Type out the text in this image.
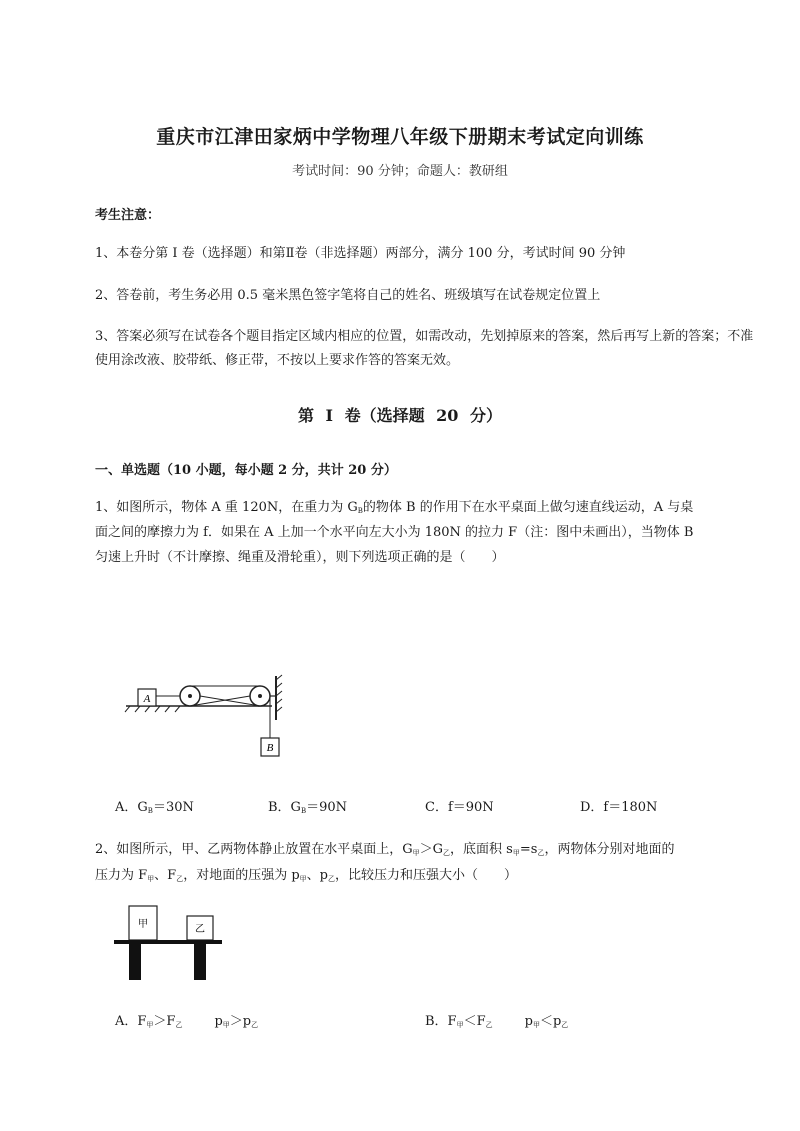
重庆市江津田家炳中学物理八年级下册期末考试定向训练
考试时间：90 分钟；命题人：教研组
考生注意：
1、本卷分第 I 卷（选择题）和第Ⅱ卷（非选择题）两部分，满分 100 分，考试时间 90 分钟
2、答卷前，考生务必用 0.5 毫米黑色签字笔将自己的姓名、班级填写在试卷规定位置上
3、答案必须写在试卷各个题目指定区域内相应的位置，如需改动，先划掉原来的答案，然后再写上新的答案；不准使用涂改液、胶带纸、修正带，不按以上要求作答的答案无效。
第 I 卷（选择题 20 分）
一、单选题（10 小题，每小题 2 分，共计 20 分）
1、如图所示，物体 A 重 120N，在重力为 $G_B$的物体 B 的作用下在水平桌面上做匀速直线运动，A 与桌
面之间的摩擦力为 f．如果在 A 上加一个水平向左大小为 180N 的拉力 F（注：图中未画出），当物体 B
匀速上升时（不计摩擦、绳重及滑轮重），则下列选项正确的是（　　）
A
B
A．$G_B=30N$	B．$G_B=90N$	C．f＝90N	D．f＝180N
2、如图所示，甲、乙两物体静止放置在水平桌面上，$G_甲>G_乙$，底面积 $s_甲=s_乙$，两物体分别对地面的
压力为 $F_甲$、$F_乙$，对地面的压强为 $p_甲$、$p_乙$，比较压力和压强大小（　　）
甲	乙
A．$F_甲>F_乙$ $p_甲>p_乙$	B．$F_甲<F_乙$ $p_甲<p_乙$
